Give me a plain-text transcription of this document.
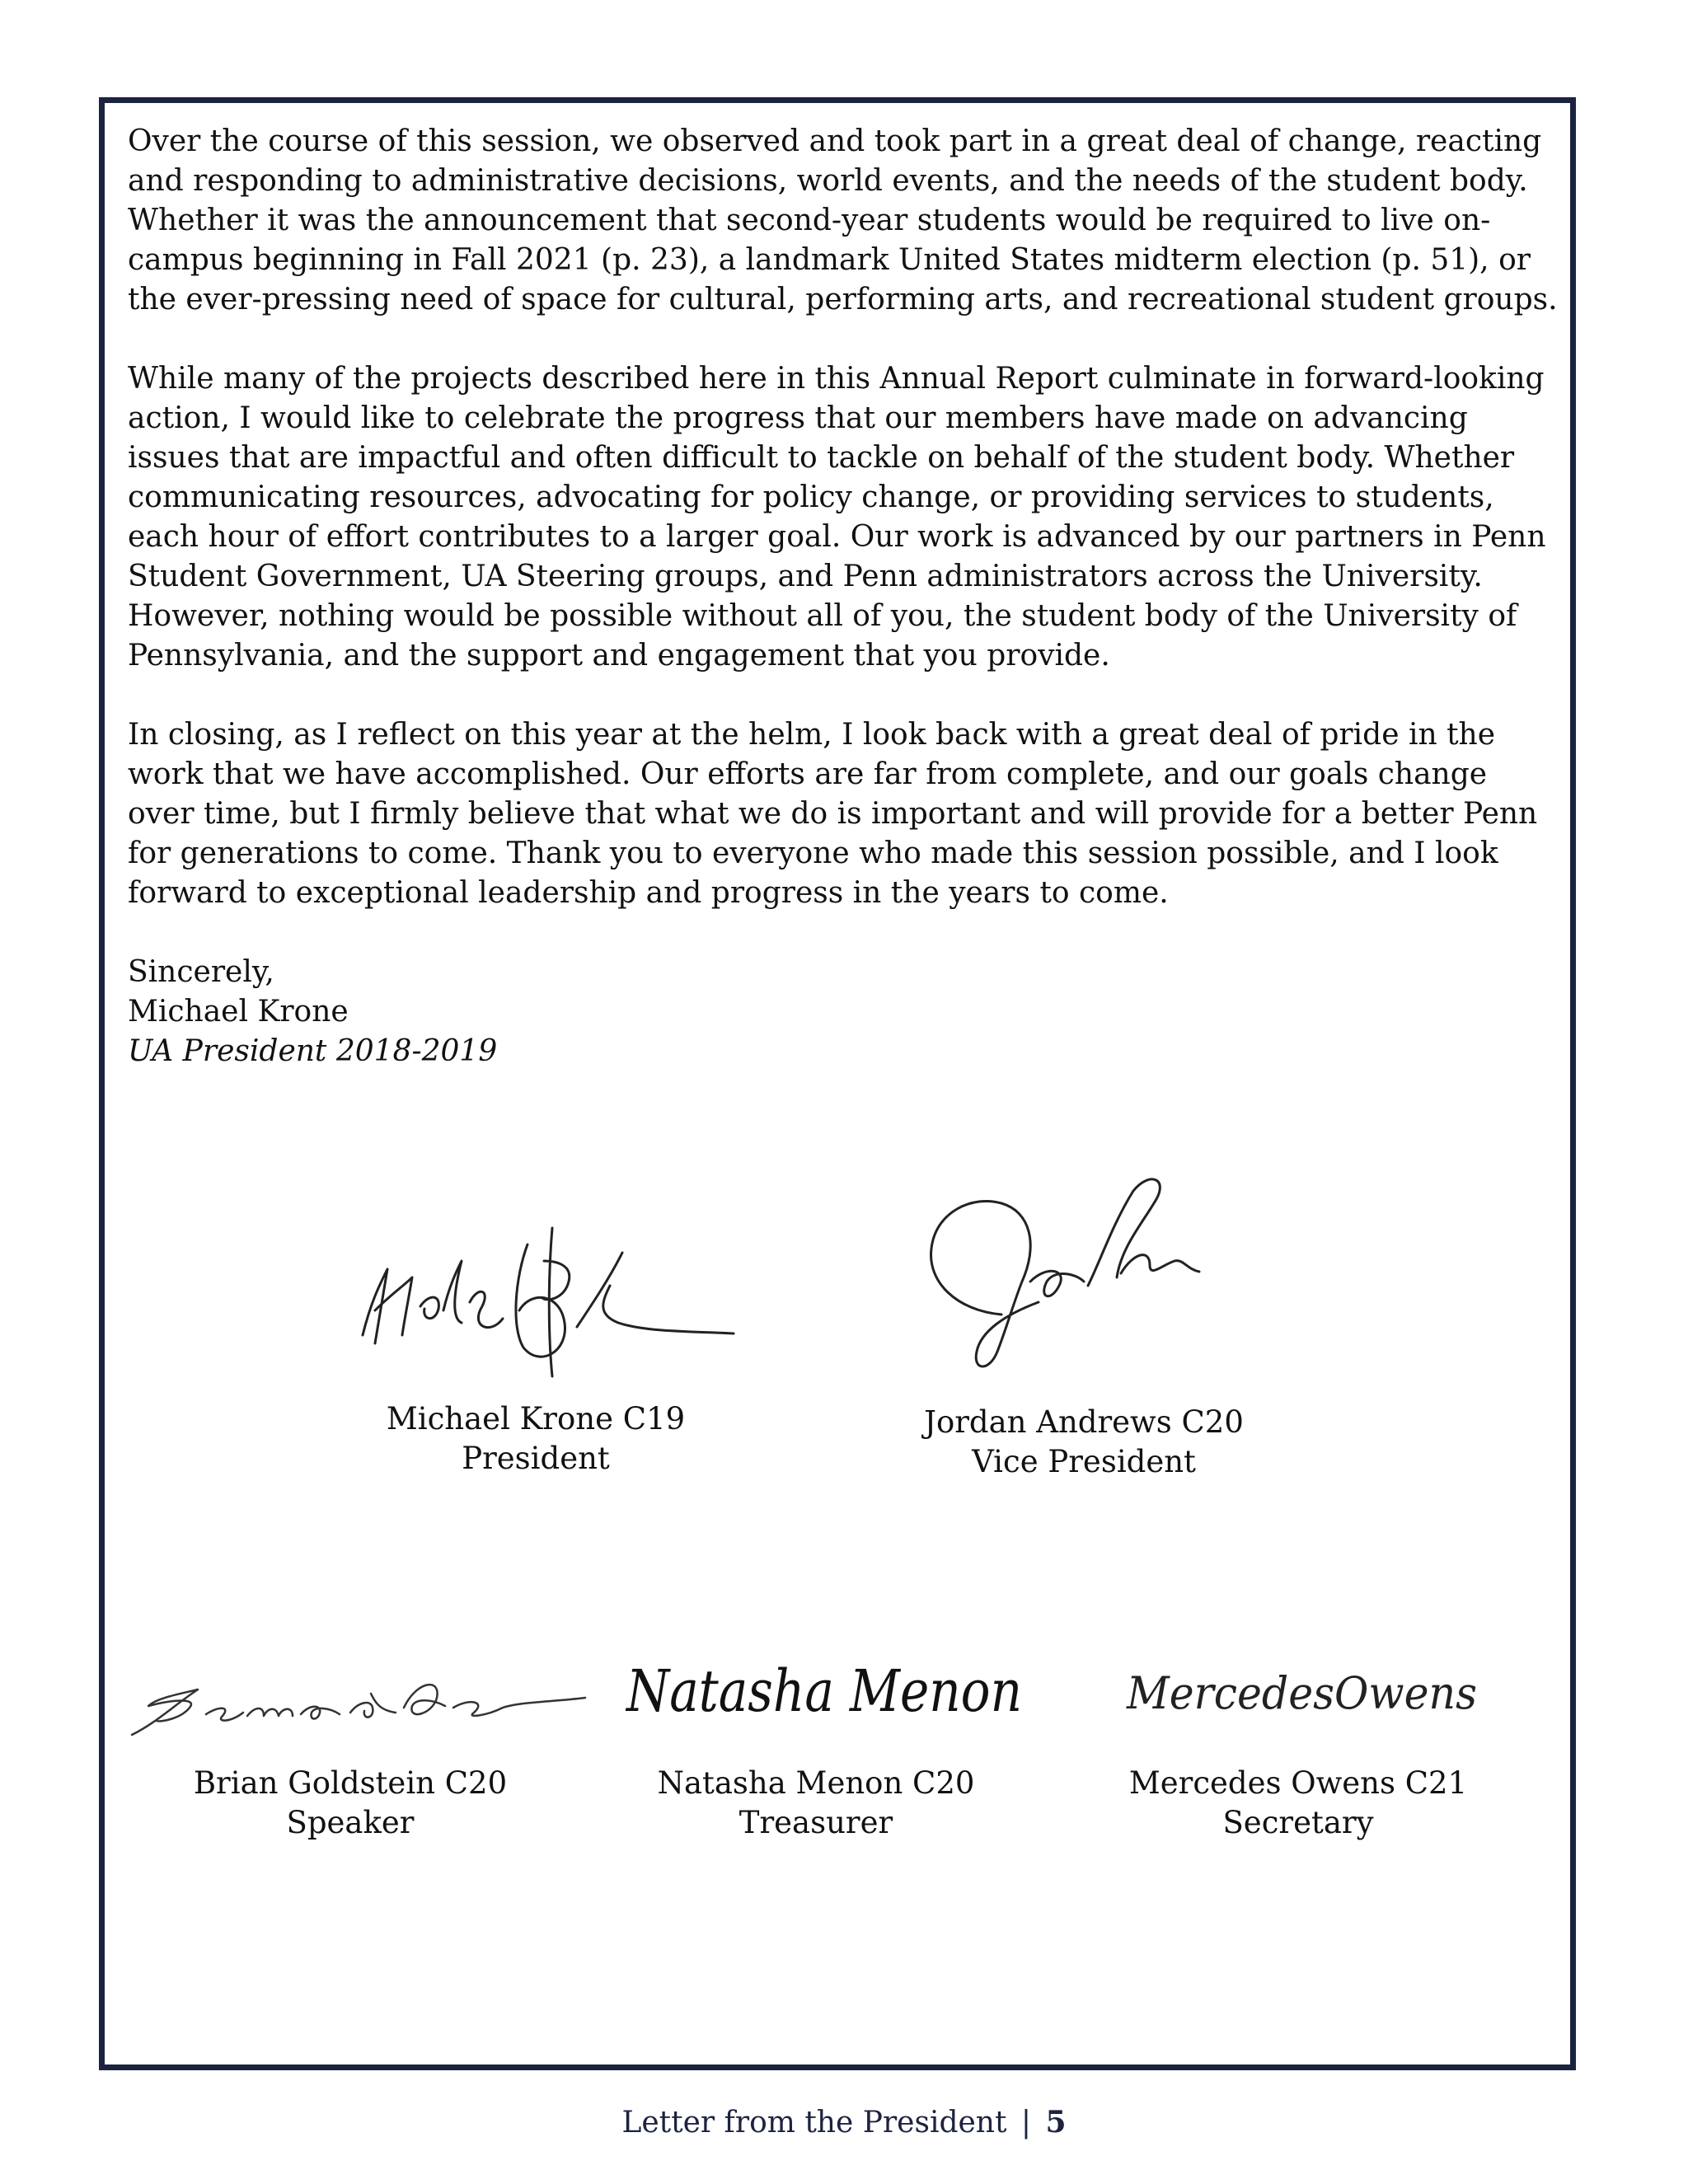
Over the course of this session, we observed and took part in a great deal of change, reacting and responding to administrative decisions, world events, and the needs of the student body. Whether it was the announcement that second-year students would be required to live on-campus beginning in Fall 2021 (p. 23), a landmark United States midterm election (p. 51), or the ever-pressing need of space for cultural, performing arts, and recreational student groups.

While many of the projects described here in this Annual Report culminate in forward-looking action, I would like to celebrate the progress that our members have made on advancing issues that are impactful and often difficult to tackle on behalf of the student body. Whether communicating resources, advocating for policy change, or providing services to students, each hour of effort contributes to a larger goal. Our work is advanced by our partners in Penn Student Government, UA Steering groups, and Penn administrators across the University. However, nothing would be possible without all of you, the student body of the University of Pennsylvania, and the support and engagement that you provide.

In closing, as I reflect on this year at the helm, I look back with a great deal of pride in the work that we have accomplished. Our efforts are far from complete, and our goals change over time, but I firmly believe that what we do is important and will provide for a better Penn for generations to come. Thank you to everyone who made this session possible, and I look forward to exceptional leadership and progress in the years to come.

Sincerely,
Michael Krone
UA President 2018-2019
Michael Krone C19
President
Jordan Andrews C20
Vice President
Natasha Menon MercedesOwens
Brian Goldstein C20
Speaker
Natasha Menon C20
Treasurer
Mercedes Owens C21
Secretary
Letter from the President | 5
